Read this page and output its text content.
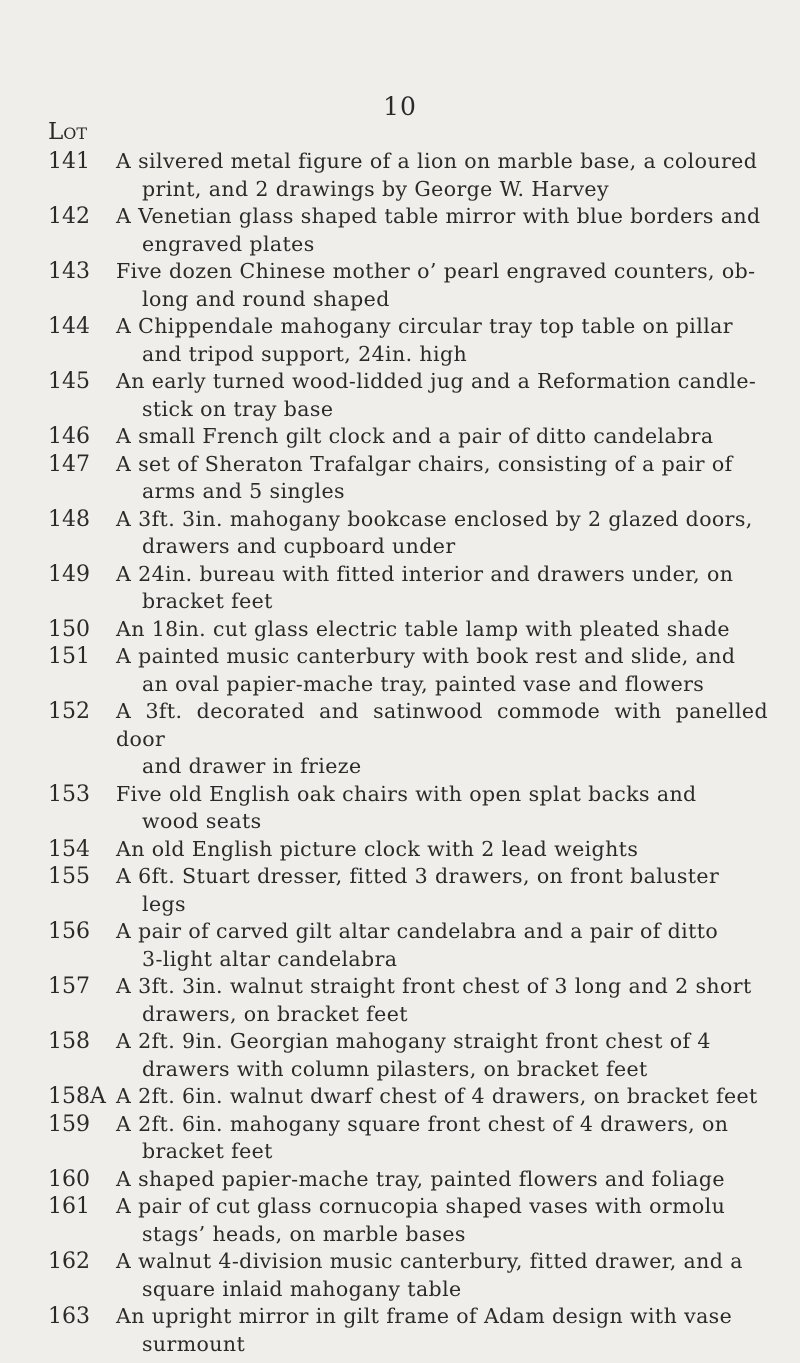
10
Lot
141	A silvered metal figure of a lion on marble base, a coloured

print, and 2 drawings by George W. Harvey
142	A Venetian glass shaped table mirror with blue borders and

engraved plates
143	Five dozen Chinese mother o’ pearl engraved counters, ob-

long and round shaped
144	A Chippendale mahogany circular tray top table on pillar

and tripod support, 24in. high
145	An early turned wood-lidded jug and a Reformation candle-

stick on tray base
146	A small French gilt clock and a pair of ditto candelabra
147	A set of Sheraton Trafalgar chairs, consisting of a pair of

arms and 5 singles
148	A 3ft. 3in. mahogany bookcase enclosed by 2 glazed doors,

drawers and cupboard under
149	A 24in. bureau with fitted interior and drawers under, on

bracket feet
150	An 18in. cut glass electric table lamp with pleated shade
151	A painted music canterbury with book rest and slide, and

an oval papier-mache tray, painted vase and flowers
152	A 3ft. decorated and satinwood commode with panelled door

and drawer in frieze
153	Five old English oak chairs with open splat backs and

wood seats
154	An old English picture clock with 2 lead weights
155	A 6ft. Stuart dresser, fitted 3 drawers, on front baluster

legs
156	A pair of carved gilt altar candelabra and a pair of ditto

3-light altar candelabra
157	A 3ft. 3in. walnut straight front chest of 3 long and 2 short

drawers, on bracket feet
158	A 2ft. 9in. Georgian mahogany straight front chest of 4

drawers with column pilasters, on bracket feet
158A A 2ft. 6in. walnut dwarf chest of 4 drawers, on bracket feet
159	A 2ft. 6in. mahogany square front chest of 4 drawers, on

bracket feet
160	A shaped papier-mache tray, painted flowers and foliage
161	A pair of cut glass cornucopia shaped vases with ormolu

stags’ heads, on marble bases
162	A walnut 4-division music canterbury, fitted drawer, and a

square inlaid mahogany table
163	An upright mirror in gilt frame of Adam design with vase

surmount
